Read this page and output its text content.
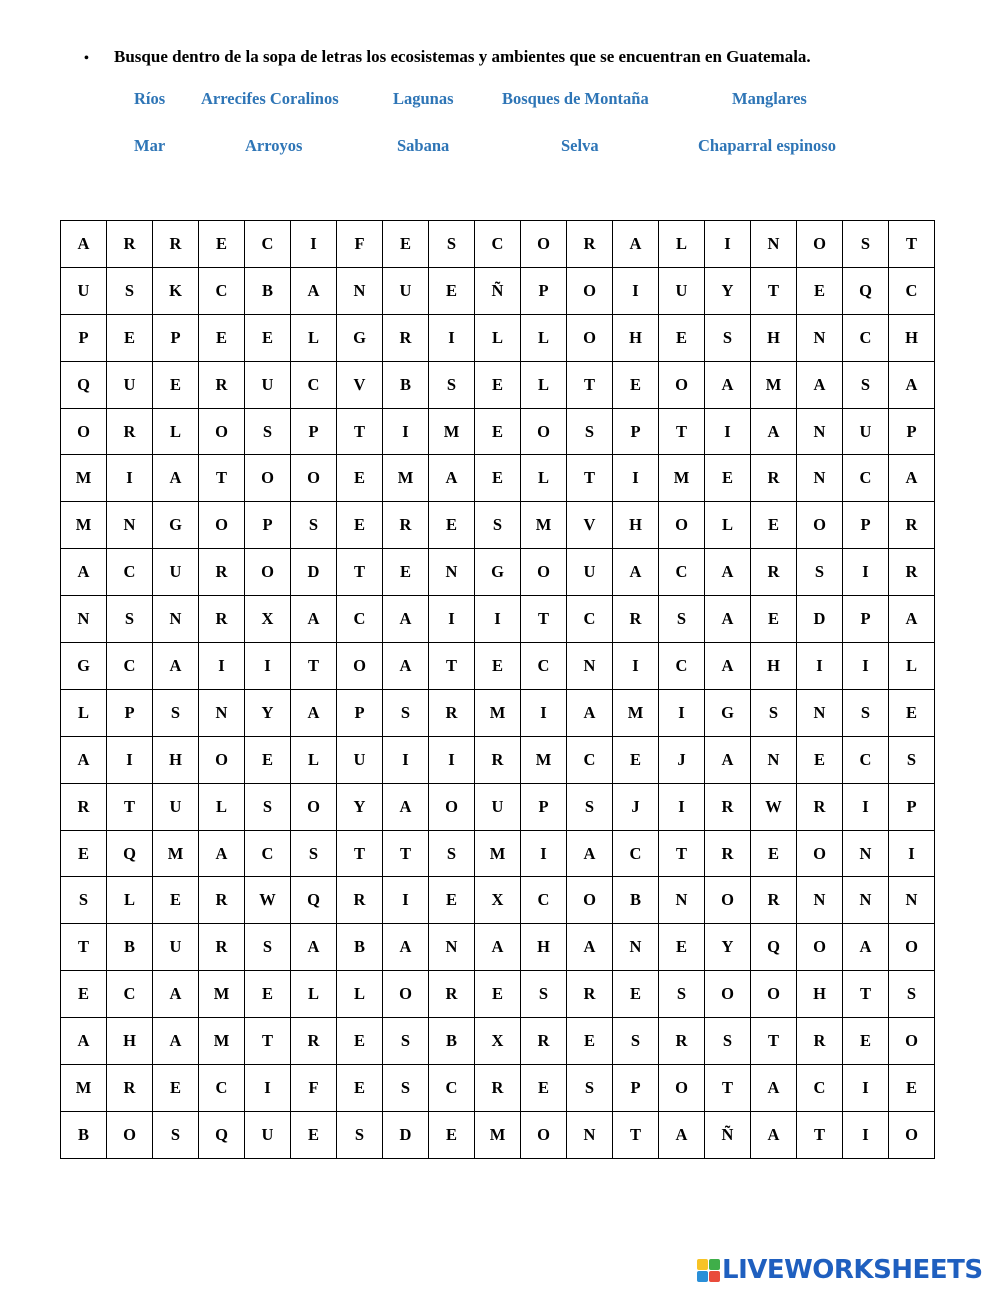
• Busque dentro de la sopa de letras los ecosistemas y ambientes que se encuentran en Guatemala.
Ríos Arrecifes Coralinos	Lagunas	Bosques de Montaña	Manglares
Mar	Arroyos	Sabana	Selva	Chaparral espinoso
A	R	R	E	C	I	F	E	S	C	O	R	A	L	I	N	O	S	T
U	S	K	C	B	A	N	U	E	Ñ	P	O	I	U	Y	T	E	Q	C
P	E	P	E	E	L	G	R	I	L	L	O	H	E	S	H	N	C	H
Q	U	E	R	U	C	V	B	S	E	L	T	E	O	A	M	A	S	A
O	R	L	O	S	P	T	I	M	E	O	S	P	T	I	A	N	U	P
M	I	A	T	O	O	E	M	A	E	L	T	I	M	E	R	N	C	A
M	N	G	O	P	S	E	R	E	S	M	V	H	O	L	E	O	P	R
A	C	U	R	O	D	T	E	N	G	O	U	A	C	A	R	S	I	R
N	S	N	R	X	A	C	A	I	I	T	C	R	S	A	E	D	P	A
G	C	A	I	I	T	O	A	T	E	C	N	I	C	A	H	I	I	L
L	P	S	N	Y	A	P	S	R	M	I	A	M	I	G	S	N	S	E
A	I	H	O	E	L	U	I	I	R	M	C	E	J	A	N	E	C	S
R	T	U	L	S	O	Y	A	O	U	P	S	J	I	R	W	R	I	P
E	Q	M	A	C	S	T	T	S	M	I	A	C	T	R	E	O	N	I
S	L	E	R	W	Q	R	I	E	X	C	O	B	N	O	R	N	N	N
T	B	U	R	S	A	B	A	N	A	H	A	N	E	Y	Q	O	A	O
E	C	A	M	E	L	L	O	R	E	S	R	E	S	O	O	H	T	S
A	H	A	M	T	R	E	S	B	X	R	E	S	R	S	T	R	E	O
M	R	E	C	I	F	E	S	C	R	E	S	P	O	T	A	C	I	E
B	O	S	Q	U	E	S	D	E	M	O	N	T	A	Ñ	A	T	I	O
LIVEWORKSHEETS
